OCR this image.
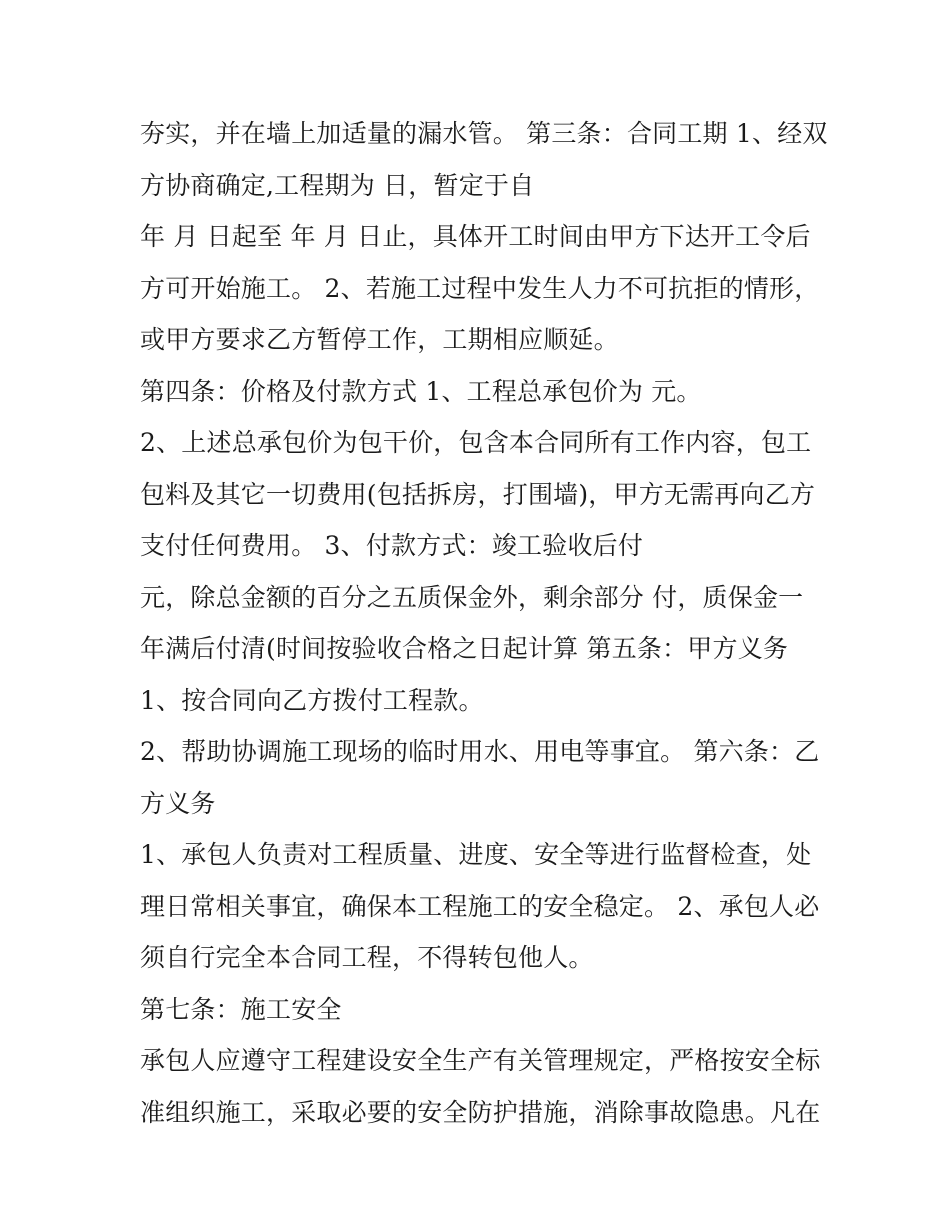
夯实，并在墙上加适量的漏水管。 第三条：合同工期 1、经双
方协商确定,工程期为 日，暂定于自
年 月 日起至 年 月 日止，具体开工时间由甲方下达开工令后
方可开始施工。 2、若施工过程中发生人力不可抗拒的情形，
或甲方要求乙方暂停工作，工期相应顺延。
第四条：价格及付款方式 1、工程总承包价为 元。
2、上述总承包价为包干价，包含本合同所有工作内容，包工
包料及其它一切费用(包括拆房，打围墙)，甲方无需再向乙方
支付任何费用。 3、付款方式：竣工验收后付
元，除总金额的百分之五质保金外，剩余部分 付，质保金一
年满后付清(时间按验收合格之日起计算 第五条：甲方义务
1、按合同向乙方拨付工程款。
2、帮助协调施工现场的临时用水、用电等事宜。 第六条：乙
方义务
1、承包人负责对工程质量、进度、安全等进行监督检查，处
理日常相关事宜，确保本工程施工的安全稳定。 2、承包人必
须自行完全本合同工程，不得转包他人。
第七条：施工安全
承包人应遵守工程建设安全生产有关管理规定，严格按安全标
准组织施工，采取必要的安全防护措施，消除事故隐患。凡在
